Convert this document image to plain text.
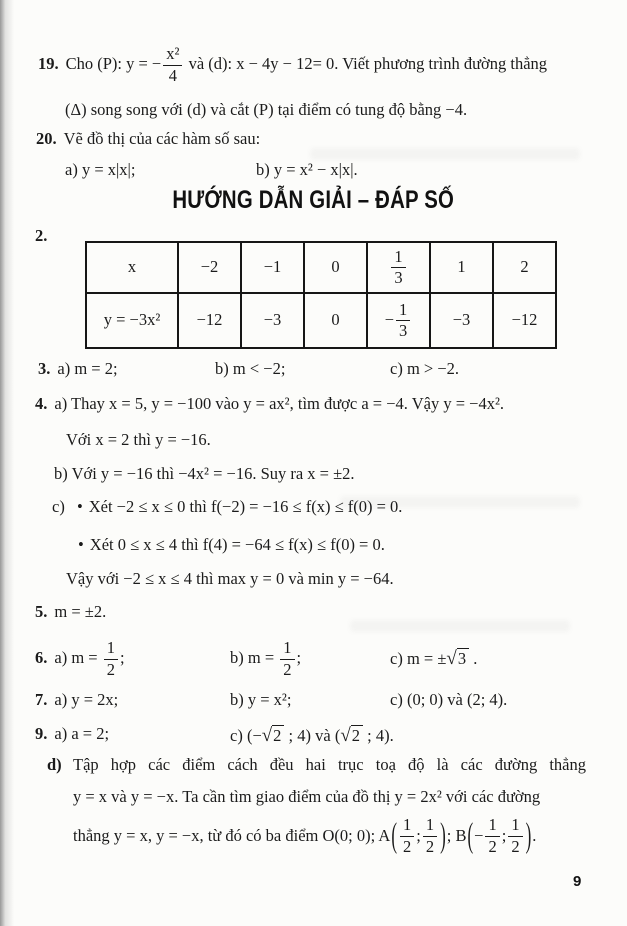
19. Cho (P): y = − $\frac{\text{x²}}{4}$ và (d): x − 4y − 12= 0. Viết phương trình đường thẳng
(Δ) song song với (d) và cắt (P) tại điểm có tung độ bằng −4.
20. Vẽ đồ thị của các hàm số sau:
a) y = x|x|;	b) y = x² − x|x|.
HƯỚNG DẪN GIẢI – ĐÁP SỐ
2.
x	−2	−1	0	$\frac{1}{3}$	1	2
y = −3x²	−12	−3	0	− $\frac{1}{3}$	−3	−12
3. a) m = 2;	b) m < −2;	c) m > −2.
4. a) Thay x = 5, y = −100 vào y = ax², tìm được a = −4. Vậy y = −4x².
Với x = 2 thì y = −16.
b) Với y = −16 thì −4x² = −16. Suy ra x = ±2.
c) • Xét −2 ≤ x ≤ 0 thì f(−2) = −16 ≤ f(x) ≤ f(0) = 0.
• Xét 0 ≤ x ≤ 4 thì f(4) = −64 ≤ f(x) ≤ f(0) = 0.
Vậy với −2 ≤ x ≤ 4 thì max y = 0 và min y = −64.
5. m = ±2.
6. a) $m = \frac{1}{2}$ ;	b) $m = \frac{1}{2}$ ;	c) m = ±√3 .
7. a) y = 2x;	b) y = x²;	c) (0; 0) và (2; 4).
9. a) a = 2;	c) (−√2 ; 4) và (√2 ; 4).
d) Tập hợp các điểm cách đều hai trục toạ độ là các đường thẳng
y = x và y = −x. Ta cần tìm giao điểm của đồ thị y = 2x² với các đường
thẳng y = x, y = −x, từ đó có ba điểm O(0; 0); A ( $\frac{1}{2}$ ; $\frac{1}{2}$ ) ; B ( − $\frac{1}{2}$ ; $\frac{1}{2}$ ) .
9
